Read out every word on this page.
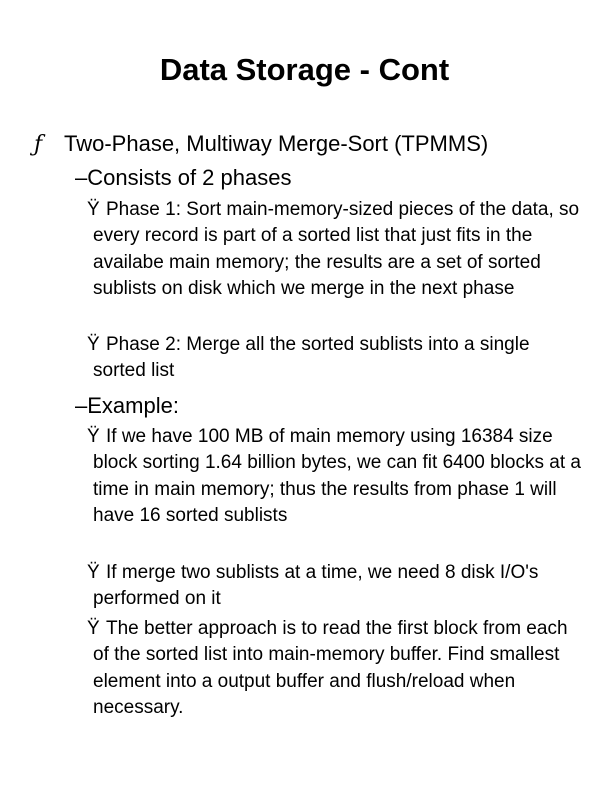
Data Storage - Cont
ƒ Two-Phase, Multiway Merge-Sort (TPMMS)
–Consists of 2 phases
Ÿ Phase 1: Sort main-memory-sized pieces of the data, so every record is part of a sorted list that just fits in the availabe main memory; the results are a set of sorted sublists on disk which we merge in the next phase
Ÿ Phase 2: Merge all the sorted sublists into a single sorted list
–Example:
Ÿ If we have 100 MB of main memory using 16384 size block sorting 1.64 billion bytes, we can fit 6400 blocks at a time in main memory; thus the results from phase 1 will have 16 sorted sublists
Ÿ If merge two sublists at a time, we need 8 disk I/O's performed on it
Ÿ The better approach is to read the first block from each of the sorted list into main-memory buffer. Find smallest element into a output buffer and flush/reload when necessary.
